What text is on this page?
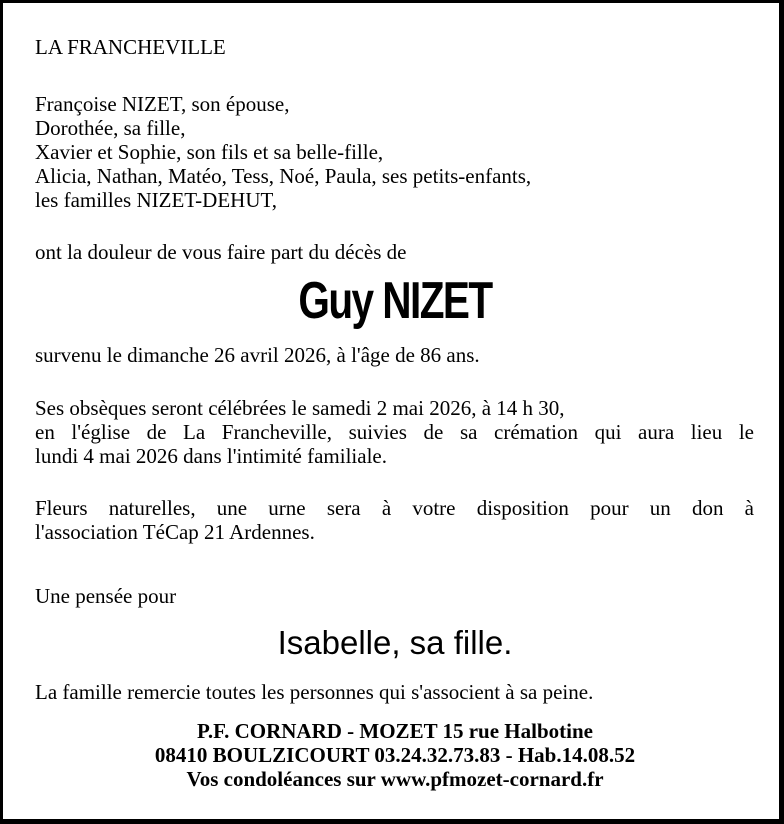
LA FRANCHEVILLE
Françoise NIZET, son épouse,
Dorothée, sa fille,
Xavier et Sophie, son fils et sa belle-fille,
Alicia, Nathan, Matéo, Tess, Noé, Paula, ses petits-enfants,
les familles NIZET-DEHUT,
ont la douleur de vous faire part du décès de
Guy NIZET
survenu le dimanche 26 avril 2026, à l'âge de 86 ans.
Ses obsèques seront célébrées le samedi 2 mai 2026, à 14 h 30,
en l'église de La Francheville, suivies de sa crémation qui aura lieu le
lundi 4 mai 2026 dans l'intimité familiale.
Fleurs naturelles, une urne sera à votre disposition pour un don à
l'association TéCap 21 Ardennes.
Une pensée pour
Isabelle, sa fille.
La famille remercie toutes les personnes qui s'associent à sa peine.
P.F. CORNARD - MOZET 15 rue Halbotine
08410 BOULZICOURT 03.24.32.73.83 - Hab.14.08.52
Vos condoléances sur www.pfmozet-cornard.fr
